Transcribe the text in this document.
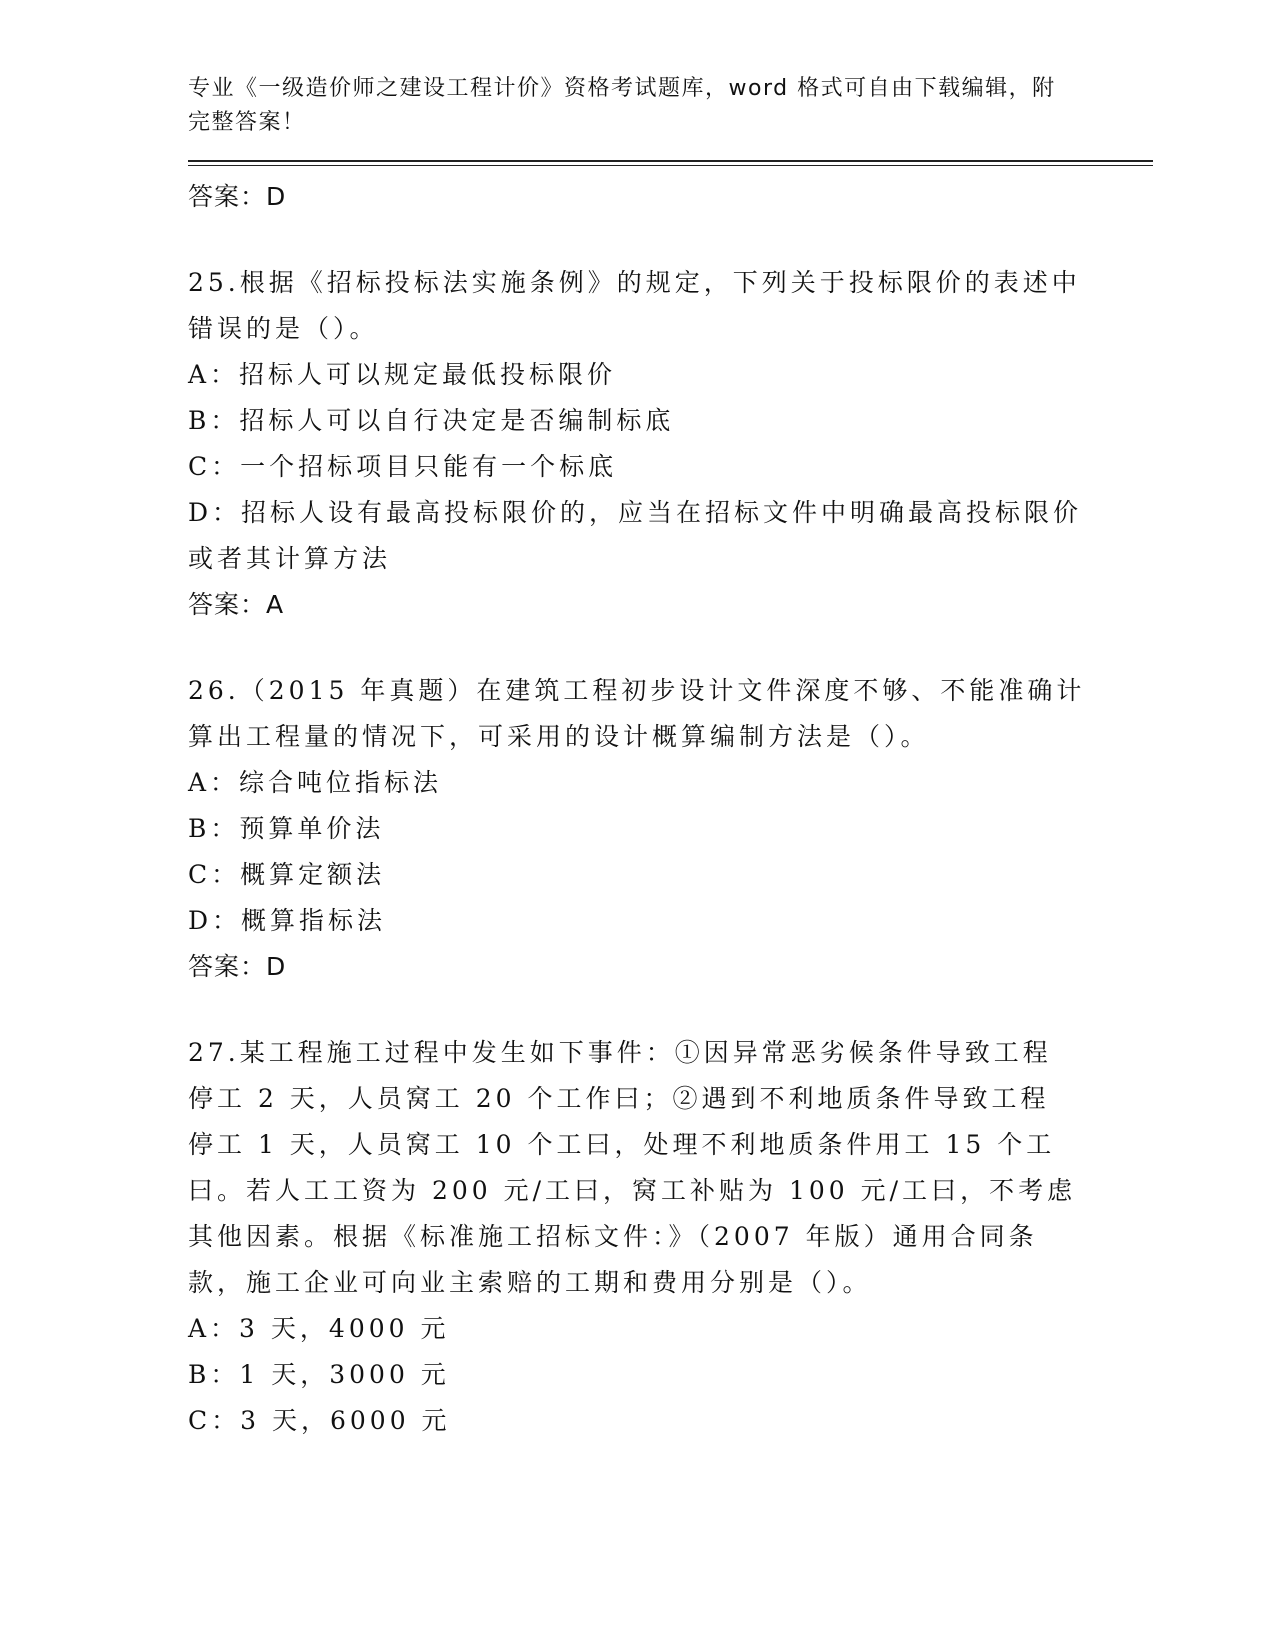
专业《一级造价师之建设工程计价》资格考试题库，word 格式可自由下载编辑，附完整答案！
答案：D
25.根据《招标投标法实施条例》的规定，下列关于投标限价的表述中错误的是（）。
A：招标人可以规定最低投标限价
B：招标人可以自行决定是否编制标底
C：一个招标项目只能有一个标底
D：招标人设有最高投标限价的，应当在招标文件中明确最高投标限价或者其计算方法
答案：A
26.（2015 年真题）在建筑工程初步设计文件深度不够、不能准确计算出工程量的情况下，可采用的设计概算编制方法是（）。
A：综合吨位指标法
B：预算单价法
C：概算定额法
D：概算指标法
答案：D
27.某工程施工过程中发生如下事件：①因异常恶劣候条件导致工程停工 2 天，人员窝工 20 个工作曰；②遇到不利地质条件导致工程停工 1 天，人员窝工 10 个工曰，处理不利地质条件用工 15 个工曰。若人工工资为 200 元/工曰，窝工补贴为 100 元/工曰，不考虑其他因素。根据《标准施工招标文件：》（2007 年版）通用合同条款，施工企业可向业主索赔的工期和费用分别是（）。
A：3 天，4000 元
B：1 天，3000 元
C：3 天，6000 元
